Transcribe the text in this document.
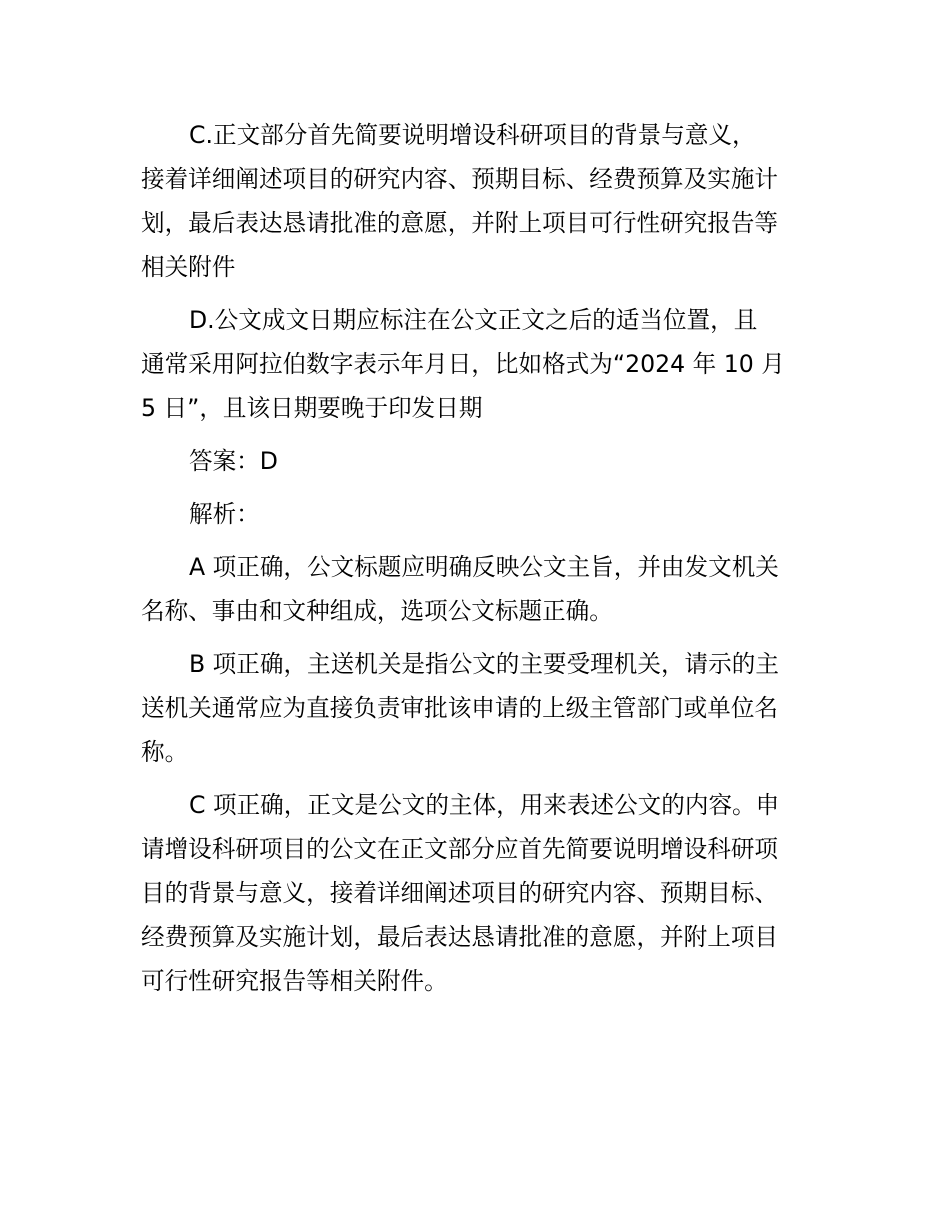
C.正文部分首先简要说明增设科研项目的背景与意义，
接着详细阐述项目的研究内容、预期目标、经费预算及实施计
划，最后表达恳请批准的意愿，并附上项目可行性研究报告等
相关附件
D.公文成文日期应标注在公文正文之后的适当位置，且
通常采用阿拉伯数字表示年月日，比如格式为“2024 年 10 月
5 日”，且该日期要晚于印发日期
答案：D
解析：
A 项正确，公文标题应明确反映公文主旨，并由发文机关
名称、事由和文种组成，选项公文标题正确。
B 项正确，主送机关是指公文的主要受理机关，请示的主
送机关通常应为直接负责审批该申请的上级主管部门或单位名
称。
C 项正确，正文是公文的主体，用来表述公文的内容。申
请增设科研项目的公文在正文部分应首先简要说明增设科研项
目的背景与意义，接着详细阐述项目的研究内容、预期目标、
经费预算及实施计划，最后表达恳请批准的意愿，并附上项目
可行性研究报告等相关附件。
